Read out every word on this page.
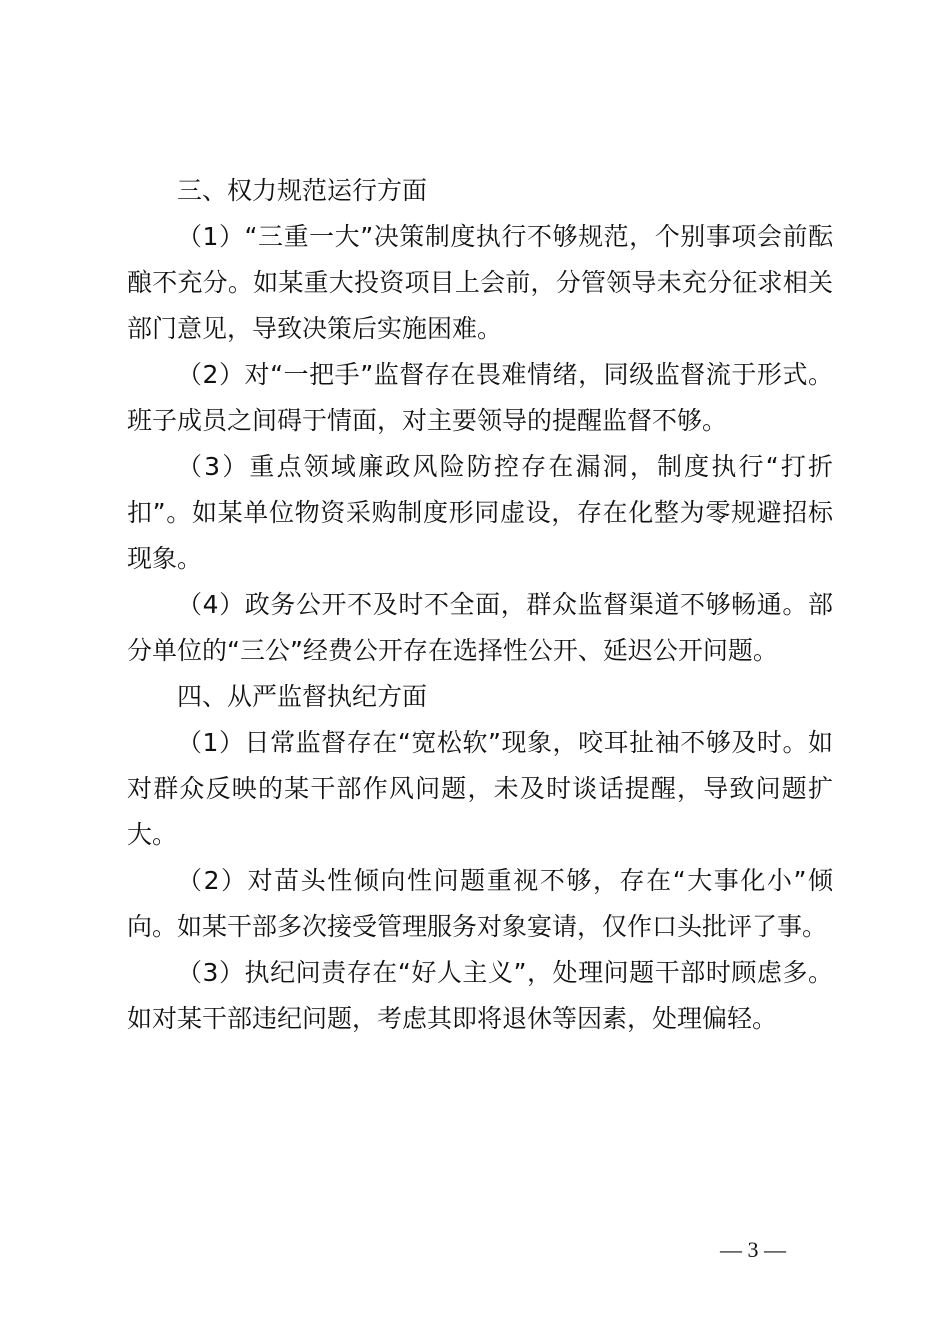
三、权力规范运行方面

（1）“三重一大”决策制度执行不够规范，个别事项会前酝酿不充分。如某重大投资项目上会前，分管领导未充分征求相关部门意见，导致决策后实施困难。

（2）对“一把手”监督存在畏难情绪，同级监督流于形式。班子成员之间碍于情面，对主要领导的提醒监督不够。

（3）重点领域廉政风险防控存在漏洞，制度执行“打折扣”。如某单位物资采购制度形同虚设，存在化整为零规避招标现象。

（4）政务公开不及时不全面，群众监督渠道不够畅通。部分单位的“三公”经费公开存在选择性公开、延迟公开问题。

四、从严监督执纪方面

（1）日常监督存在“宽松软”现象，咬耳扯袖不够及时。如对群众反映的某干部作风问题，未及时谈话提醒，导致问题扩大。

（2）对苗头性倾向性问题重视不够，存在“大事化小”倾向。如某干部多次接受管理服务对象宴请，仅作口头批评了事。

（3）执纪问责存在“好人主义”，处理问题干部时顾虑多。如对某干部违纪问题，考虑其即将退休等因素，处理偏轻。

— 3 —
